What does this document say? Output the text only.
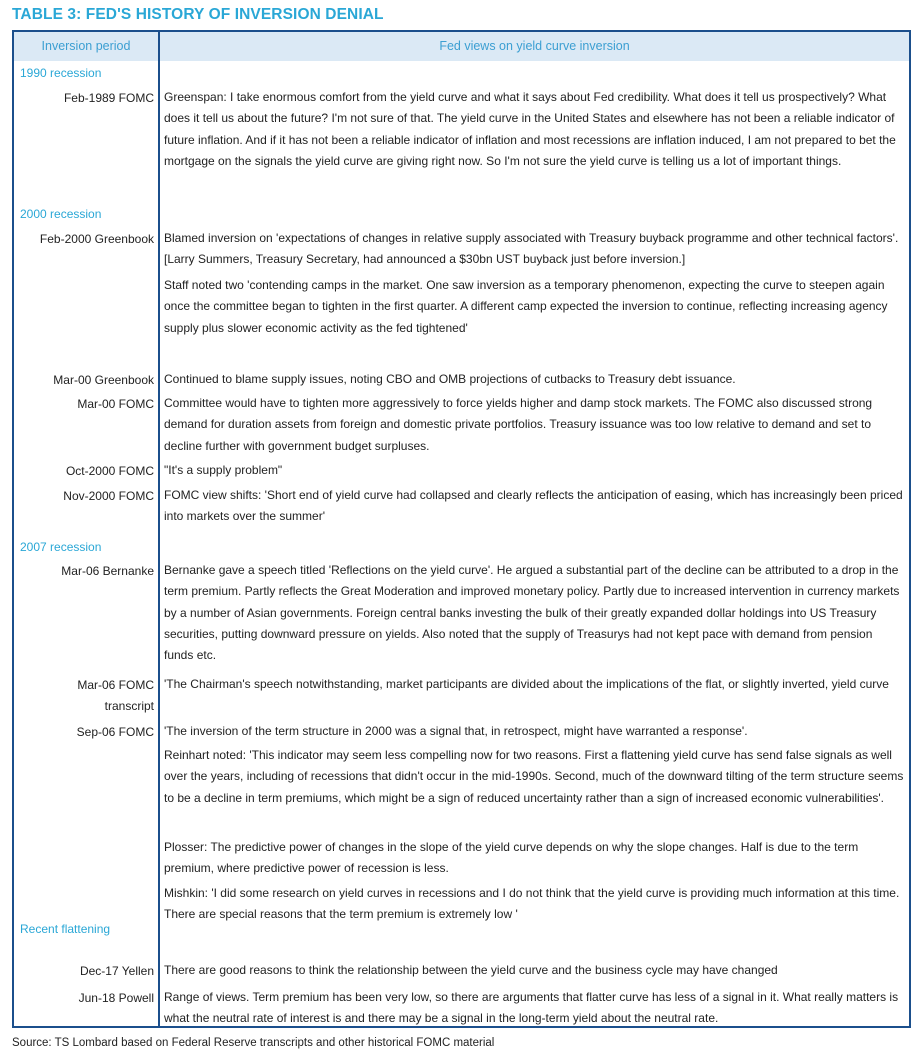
TABLE 3: FED'S HISTORY OF INVERSION DENIAL
Inversion period	Fed views on yield curve inversion
1990 recession
Feb-1989 FOMC Greenspan: I take enormous comfort from the yield curve and what it says about Fed credibility. What does it tell us prospectively? What does it tell us about the future? I'm not sure of that. The yield curve in the United States and elsewhere has not been a reliable indicator of future inflation. And if it has not been a reliable indicator of inflation and most recessions are inflation induced, I am not prepared to bet the mortgage on the signals the yield curve are giving right now. So I'm not sure the yield curve is telling us a lot of important things.
2000 recession
Feb-2000 Greenbook Blamed inversion on 'expectations of changes in relative supply associated with Treasury buyback programme and other technical factors'. [Larry Summers, Treasury Secretary, had announced a $30bn UST buyback just before inversion.]
Staff noted two 'contending camps in the market. One saw inversion as a temporary phenomenon, expecting the curve to steepen again once the committee began to tighten in the first quarter. A different camp expected the inversion to continue, reflecting increasing agency supply plus slower economic activity as the fed tightened'
Mar-00 Greenbook Continued to blame supply issues, noting CBO and OMB projections of cutbacks to Treasury debt issuance.
Mar-00 FOMC Committee would have to tighten more aggressively to force yields higher and damp stock markets. The FOMC also discussed strong demand for duration assets from foreign and domestic private portfolios. Treasury issuance was too low relative to demand and set to decline further with government budget surpluses.
Oct-2000 FOMC "It's a supply problem"
Nov-2000 FOMC FOMC view shifts: 'Short end of yield curve had collapsed and clearly reflects the anticipation of easing, which has increasingly been priced into markets over the summer'
2007 recession
Mar-06 Bernanke Bernanke gave a speech titled 'Reflections on the yield curve'. He argued a substantial part of the decline can be attributed to a drop in the term premium. Partly reflects the Great Moderation and improved monetary policy. Partly due to increased intervention in currency markets by a number of Asian governments. Foreign central banks investing the bulk of their greatly expanded dollar holdings into US Treasury securities, putting downward pressure on yields. Also noted that the supply of Treasurys had not kept pace with demand from pension funds etc.
Mar-06 FOMC
transcript
'The Chairman's speech notwithstanding, market participants are divided about the implications of the flat, or slightly inverted, yield curve
Sep-06 FOMC 'The inversion of the term structure in 2000 was a signal that, in retrospect, might have warranted a response'.
Reinhart noted: 'This indicator may seem less compelling now for two reasons. First a flattening yield curve has send false signals as well over the years, including of recessions that didn't occur in the mid-1990s. Second, much of the downward tilting of the term structure seems to be a decline in term premiums, which might be a sign of reduced uncertainty rather than a sign of increased economic vulnerabilities'.
Plosser: The predictive power of changes in the slope of the yield curve depends on why the slope changes. Half is due to the term premium, where predictive power of recession is less.
Mishkin: 'I did some research on yield curves in recessions and I do not think that the yield curve is providing much information at this time. There are special reasons that the term premium is extremely low '
Recent flattening
Dec-17 Yellen There are good reasons to think the relationship between the yield curve and the business cycle may have changed
Jun-18 Powell Range of views. Term premium has been very low, so there are arguments that flatter curve has less of a signal in it. What really matters is what the neutral rate of interest is and there may be a signal in the long-term yield about the neutral rate.
Source: TS Lombard based on Federal Reserve transcripts and other historical FOMC material
